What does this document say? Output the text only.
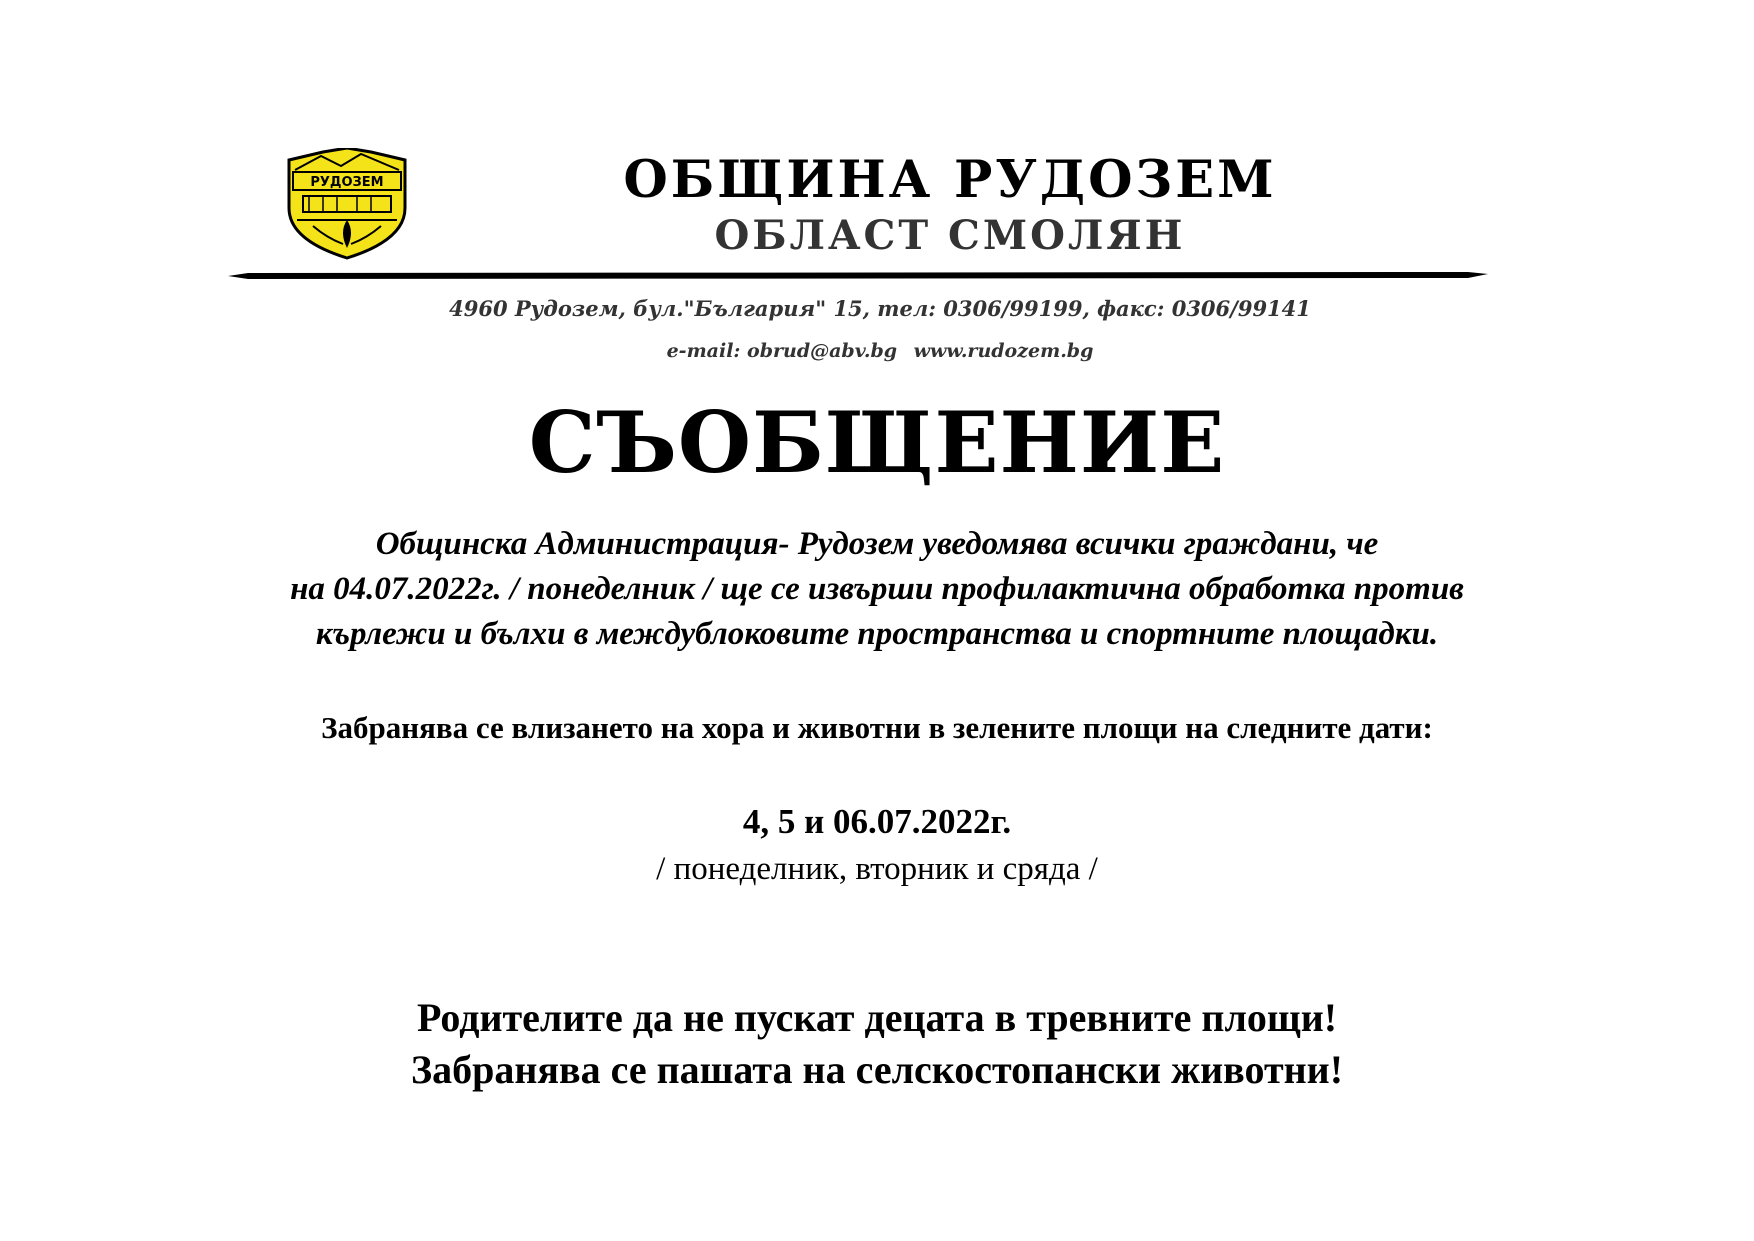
РУДОЗЕМ	ОБЩИНА РУДОЗЕМ
ОБЛАСТ СМОЛЯН
4960 Рудозем, бул."България" 15, тел: 0306/99199, факс: 0306/99141
e-mail: obrud@abv.bg www.rudozem.bg
СЪОБЩЕНИЕ
Общинска Администрация- Рудозем уведомява всички граждани, че
на 04.07.2022г. / понеделник / ще се извърши профилактична обработка против
кърлежи и бълхи в междублоковите пространства и спортните площадки.
Забранява се влизането на хора и животни в зелените площи на следните дати:
4, 5 и 06.07.2022г.
/ понеделник, вторник и сряда /
Родителите да не пускат децата в тревните площи!
Забранява се пашата на селскостопански животни!
